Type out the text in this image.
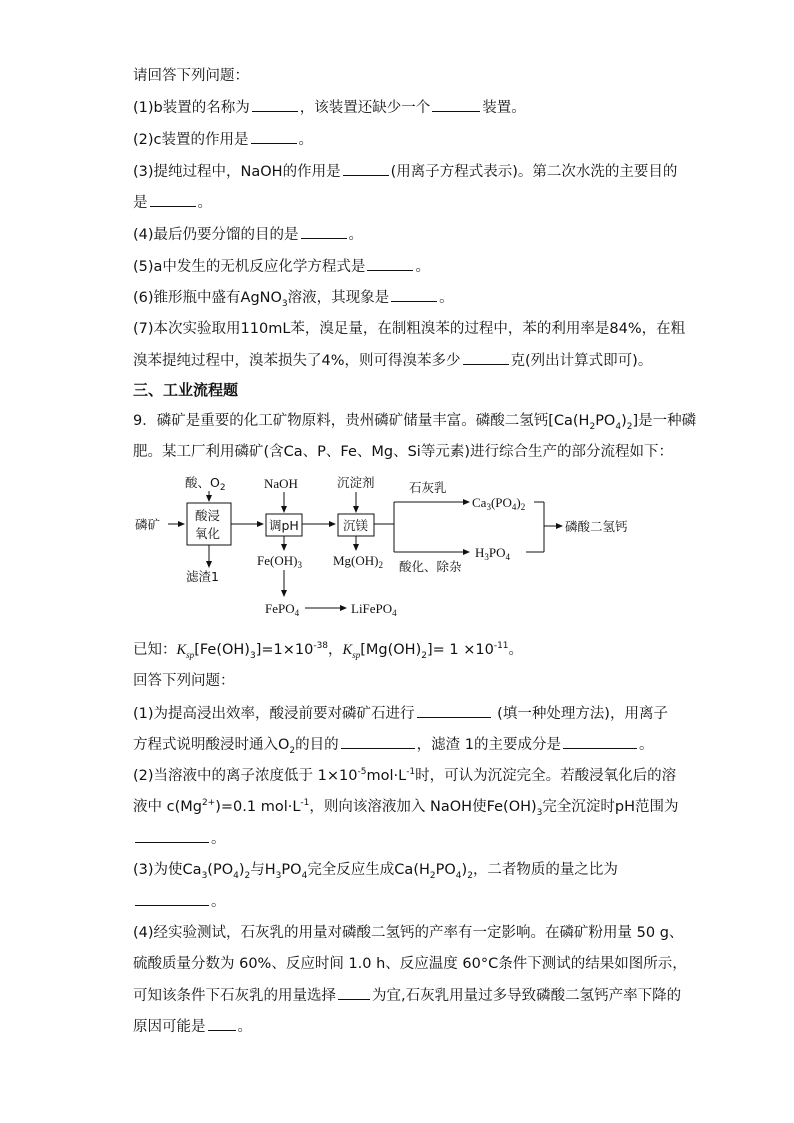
请回答下列问题：
(1)b装置的名称为	，该装置还缺少一个	装置。
(2)c装置的作用是	。
(3)提纯过程中，NaOH的作用是	(用离子方程式表示)。第二次水洗的主要目的
是	。
(4)最后仍要分馏的目的是	。
(5)a中发生的无机反应化学方程式是	。
(6)锥形瓶中盛有AgNO$_3$溶液，其现象是	。
(7)本次实验取用110mL苯，溴足量，在制粗溴苯的过程中，苯的利用率是84%，在粗
溴苯提纯过程中，溴苯损失了4%，则可得溴苯多少	克(列出计算式即可)。
三、工业流程题
9．磷矿是重要的化工矿物原料，贵州磷矿储量丰富。磷酸二氢钙$[Ca(H_2PO_4)_2]$是一种磷
肥。某工厂利用磷矿(含Ca、P、Fe、Mg、Si等元素)进行综合生产的部分流程如下：
磷矿
酸浸
氧化
酸、$O_2$
滤渣1
调pH
NaOH
$Fe(OH)_3$
FePO$_4$	LiFePO$_4$
沉镁
沉淀剂
$Mg(OH)_2$
石灰乳
酸化、除杂
$Ca_3(PO_4)_2$
$H_3PO_4$
磷酸二氢钙
已知：$K_{sp}[Fe(OH)_3]=1\times 10^{-38}$，$K_{sp}[Mg(OH)_2]= 1 \times 10^{-11}$。
回答下列问题：
(1)为提高浸出效率，酸浸前要对磷矿石进行	(填一种处理方法)，用离子
方程式说明酸浸时通入$O_2$的目的	，滤渣 1的主要成分是	。
(2)当溶液中的离子浓度低于 $1\times 10^{-5}mol\cdot L^{-1}$时，可认为沉淀完全。若酸浸氧化后的溶
液中 $c(Mg^{2+})=0.1$ $mol\cdot L^{-1}$，则向该溶液加入 NaOH使$Fe(OH)_3$完全沉淀时pH范围为
。
(3)为使$Ca_3(PO_4)_2$与$H_3PO_4$完全反应生成$Ca(H_2PO_4)_2$，二者物质的量之比为
。
(4)经实验测试，石灰乳的用量对磷酸二氢钙的产率有一定影响。在磷矿粉用量 50 g、
硫酸质量分数为 60%、反应时间 1.0 h、反应温度 60°C条件下测试的结果如图所示，
可知该条件下石灰乳的用量选择 为宜,石灰乳用量过多导致磷酸二氢钙产率下降的
原因可能是 。
